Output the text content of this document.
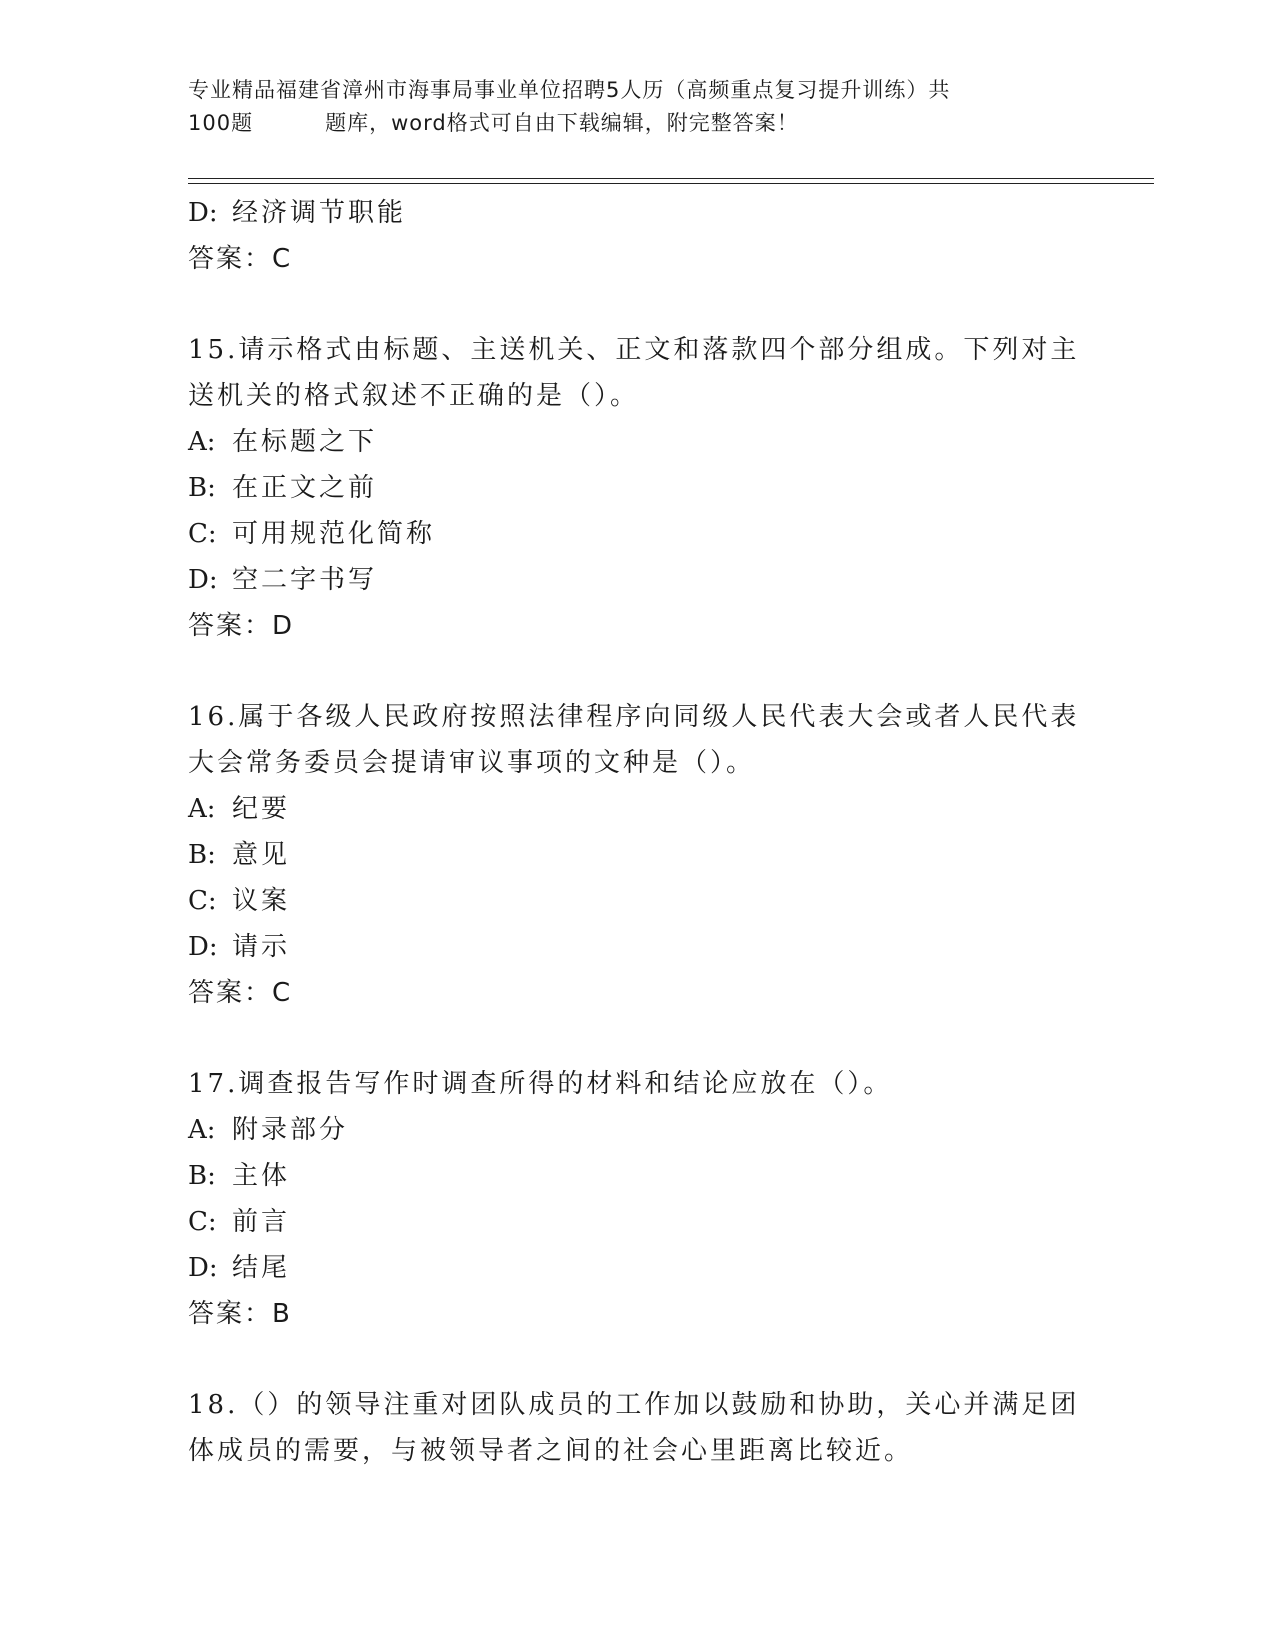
专业精品福建省漳州市海事局事业单位招聘5人历（高频重点复习提升训练）共
100题	题库，word格式可自由下载编辑，附完整答案！
D: 经济调节职能
答案：C
15.请示格式由标题、主送机关、正文和落款四个部分组成。下列对主
送机关的格式叙述不正确的是（）。
A: 在标题之下
B: 在正文之前
C: 可用规范化简称
D: 空二字书写
答案：D
16.属于各级人民政府按照法律程序向同级人民代表大会或者人民代表
大会常务委员会提请审议事项的文种是（）。
A: 纪要
B: 意见
C: 议案
D: 请示
答案：C
17.调查报告写作时调查所得的材料和结论应放在（）。
A: 附录部分
B: 主体
C: 前言
D: 结尾
答案：B
18.（）的领导注重对团队成员的工作加以鼓励和协助，关心并满足团
体成员的需要，与被领导者之间的社会心里距离比较近。
